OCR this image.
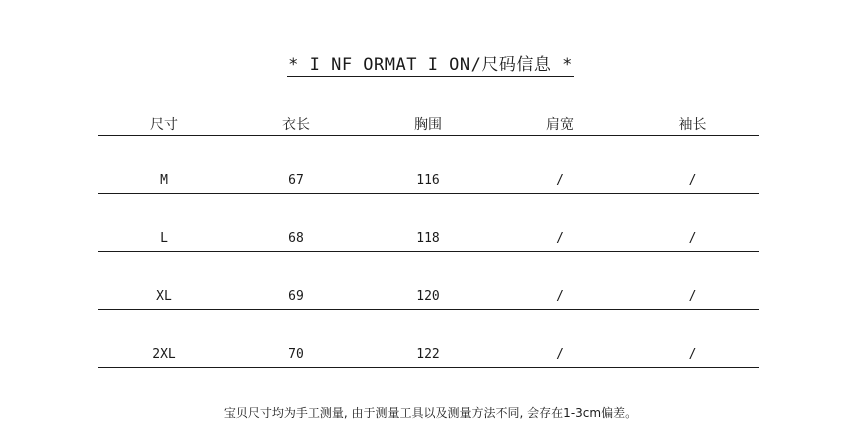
* I NF ORMAT I ON/尺码信息 *
尺寸	衣长	胸围	肩宽	袖长
M	67	116	/	/
L	68	118	/	/
XL	69	120	/	/
2XL	70	122	/	/
宝贝尺寸均为手工测量, 由于测量工具以及测量方法不同, 会存在1-3cm偏差。
